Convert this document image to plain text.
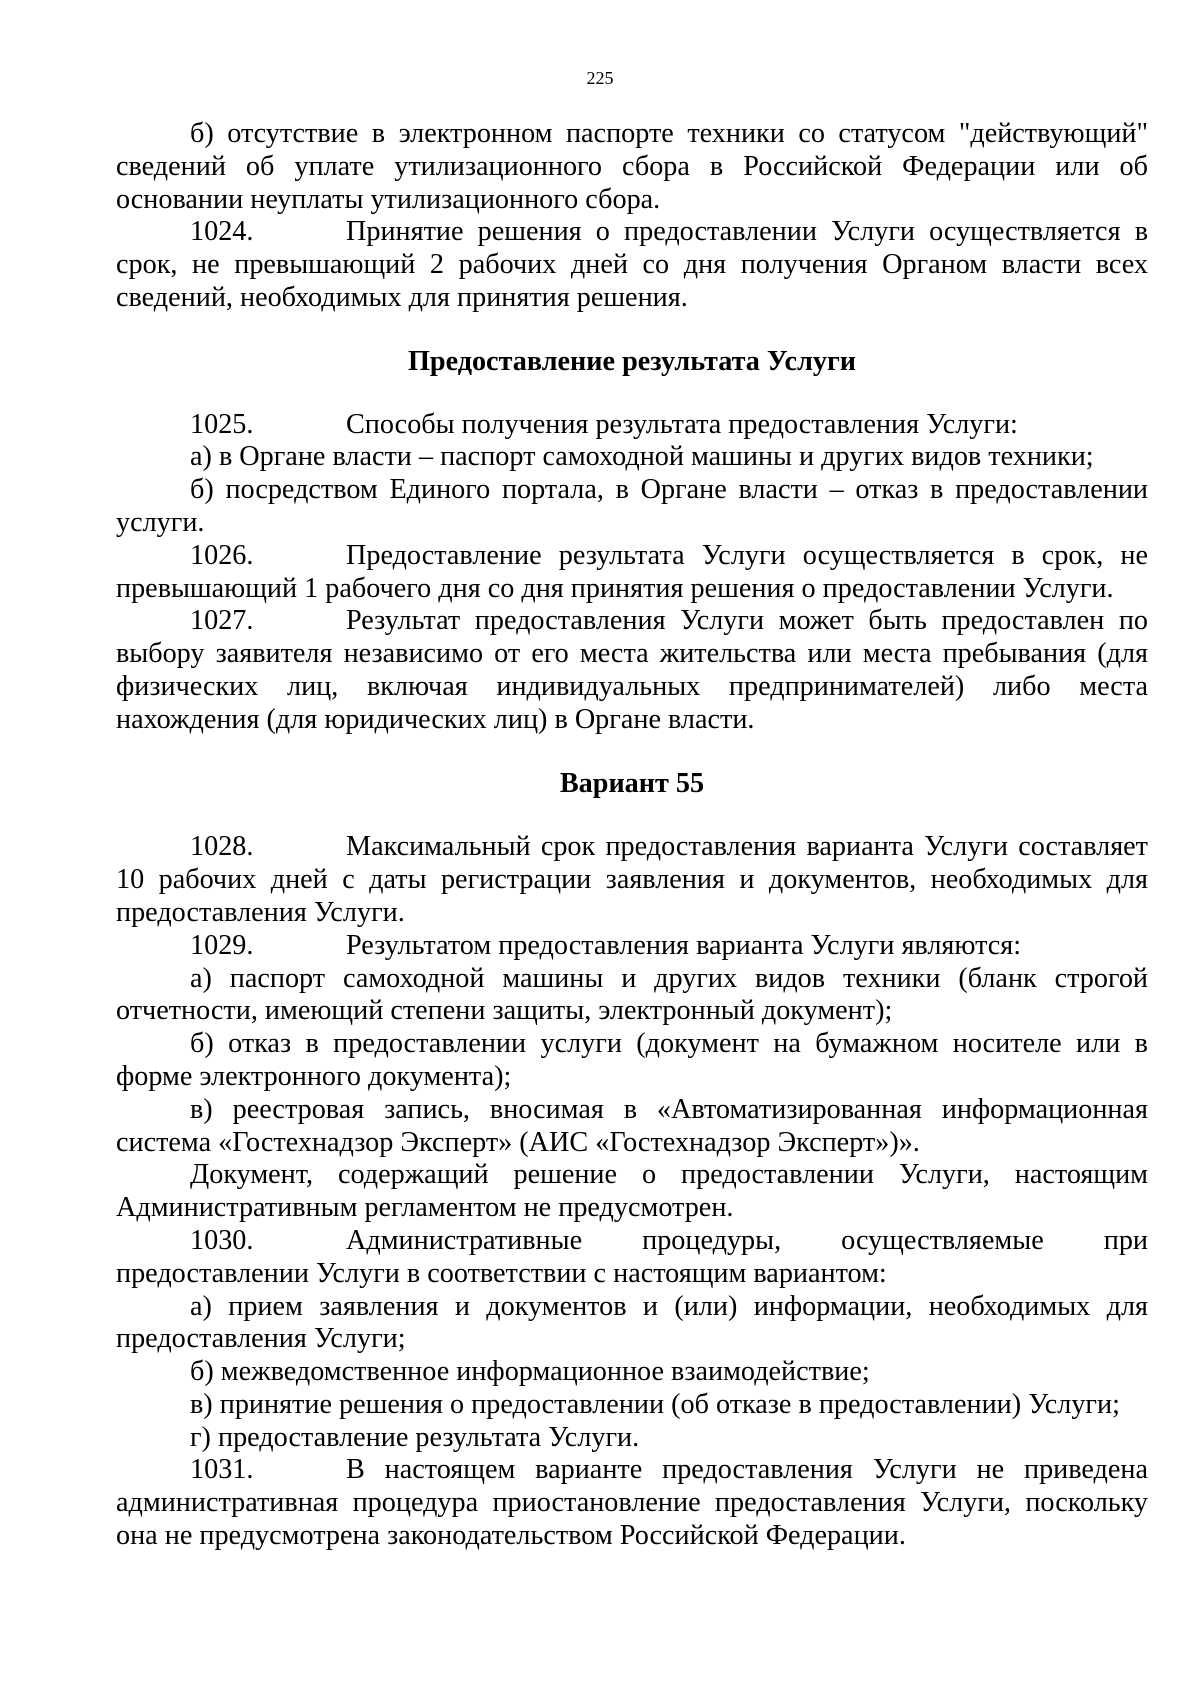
225

б) отсутствие в электронном паспорте техники со статусом "действующий" сведений об уплате утилизационного сбора в Российской Федерации или об основании неуплаты утилизационного сбора.

1024.	Принятие решения о предоставлении Услуги осуществляется в срок, не превышающий 2 рабочих дней со дня получения Органом власти всех сведений, необходимых для принятия решения.

Предоставление результата Услуги

1025.	Способы получения результата предоставления Услуги:

а) в Органе власти – паспорт самоходной машины и других видов техники;

б) посредством Единого портала, в Органе власти – отказ в предоставлении услуги.

1026.	Предоставление результата Услуги осуществляется в срок, не превышающий 1 рабочего дня со дня принятия решения о предоставлении Услуги.

1027.	Результат предоставления Услуги может быть предоставлен по выбору заявителя независимо от его места жительства или места пребывания (для физических лиц, включая индивидуальных предпринимателей) либо места нахождения (для юридических лиц) в Органе власти.

Вариант 55

1028.	Максимальный срок предоставления варианта Услуги составляет 10 рабочих дней с даты регистрации заявления и документов, необходимых для предоставления Услуги.

1029.	Результатом предоставления варианта Услуги являются:

а) паспорт самоходной машины и других видов техники (бланк строгой отчетности, имеющий степени защиты, электронный документ);

б) отказ в предоставлении услуги (документ на бумажном носителе или в форме электронного документа);

в) реестровая запись, вносимая в «Автоматизированная информационная система «Гостехнадзор Эксперт» (АИС «Гостехнадзор Эксперт»)».

Документ, содержащий решение о предоставлении Услуги, настоящим Административным регламентом не предусмотрен.

1030.	Административные процедуры, осуществляемые при предоставлении Услуги в соответствии с настоящим вариантом:

а) прием заявления и документов и (или) информации, необходимых для предоставления Услуги;

б) межведомственное информационное взаимодействие;

в) принятие решения о предоставлении (об отказе в предоставлении) Услуги;

г) предоставление результата Услуги.

1031.	В настоящем варианте предоставления Услуги не приведена административная процедура приостановление предоставления Услуги, поскольку она не предусмотрена законодательством Российской Федерации.
